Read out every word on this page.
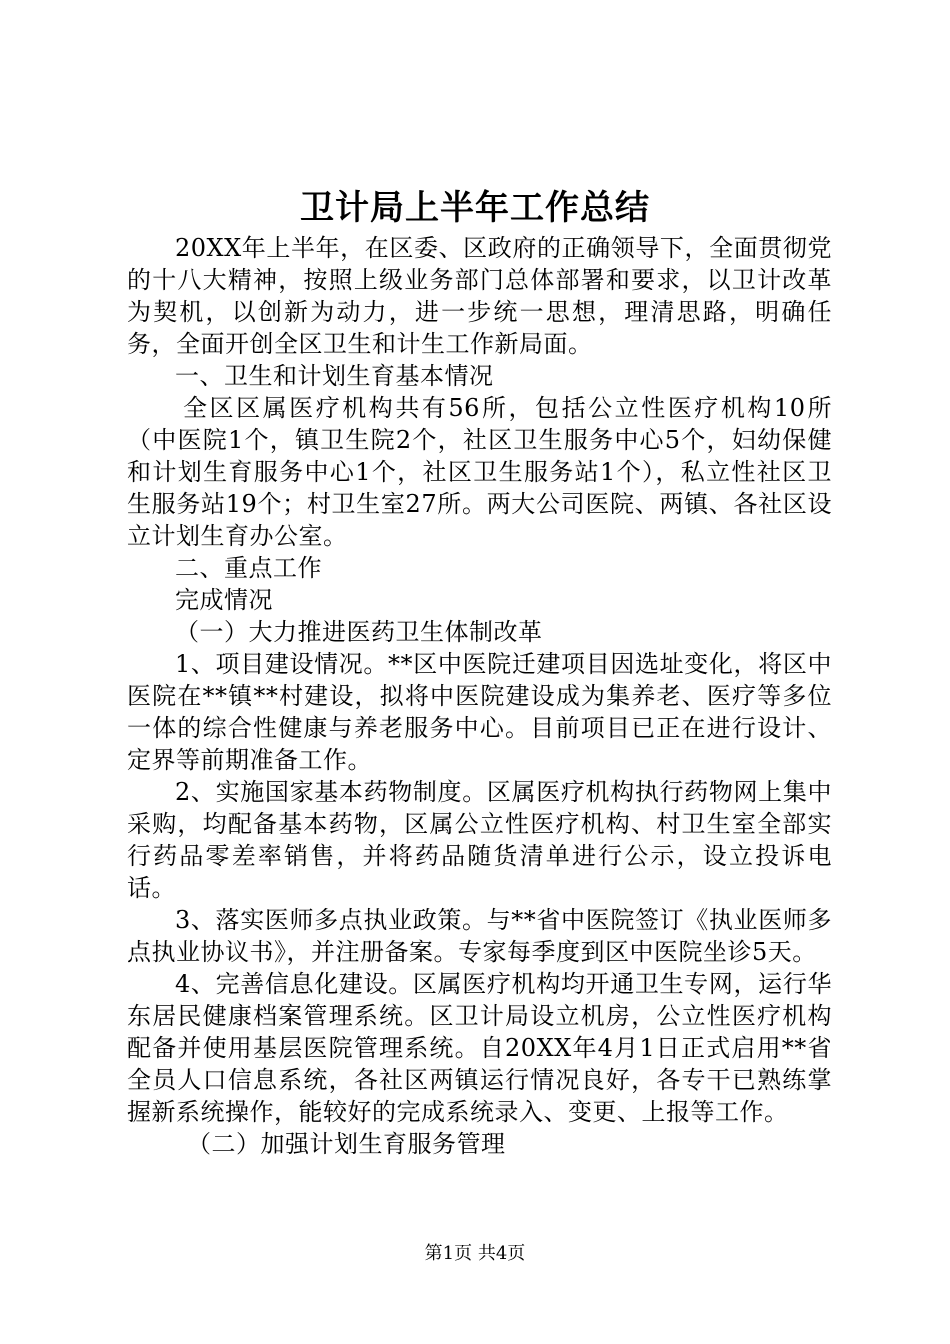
卫计局上半年工作总结

20XX年上半年，在区委、区政府的正确领导下，全面贯彻党的十八大精神，按照上级业务部门总体部署和要求，以卫计改革为契机，以创新为动力，进一步统一思想，理清思路，明确任务，全面开创全区卫生和计生工作新局面。

一、卫生和计划生育基本情况

全区区属医疗机构共有56所，包括公立性医疗机构10所（中医院1个，镇卫生院2个，社区卫生服务中心5个，妇幼保健和计划生育服务中心1个，社区卫生服务站1个），私立性社区卫生服务站19个；村卫生室27所。两大公司医院、两镇、各社区设立计划生育办公室。

二、重点工作

完成情况

（一）大力推进医药卫生体制改革

1、项目建设情况。**区中医院迁建项目因选址变化，将区中医院在**镇**村建设，拟将中医院建设成为集养老、医疗等多位一体的综合性健康与养老服务中心。目前项目已正在进行设计、定界等前期准备工作。

2、实施国家基本药物制度。区属医疗机构执行药物网上集中采购，均配备基本药物，区属公立性医疗机构、村卫生室全部实行药品零差率销售，并将药品随货清单进行公示，设立投诉电话。

3、落实医师多点执业政策。与**省中医院签订《执业医师多点执业协议书》，并注册备案。专家每季度到区中医院坐诊5天。

4、完善信息化建设。区属医疗机构均开通卫生专网，运行华东居民健康档案管理系统。区卫计局设立机房，公立性医疗机构配备并使用基层医院管理系统。自20XX年4月1日正式启用**省全员人口信息系统，各社区两镇运行情况良好，各专干已熟练掌握新系统操作，能较好的完成系统录入、变更、上报等工作。

（二）加强计划生育服务管理

第1页 共4页
